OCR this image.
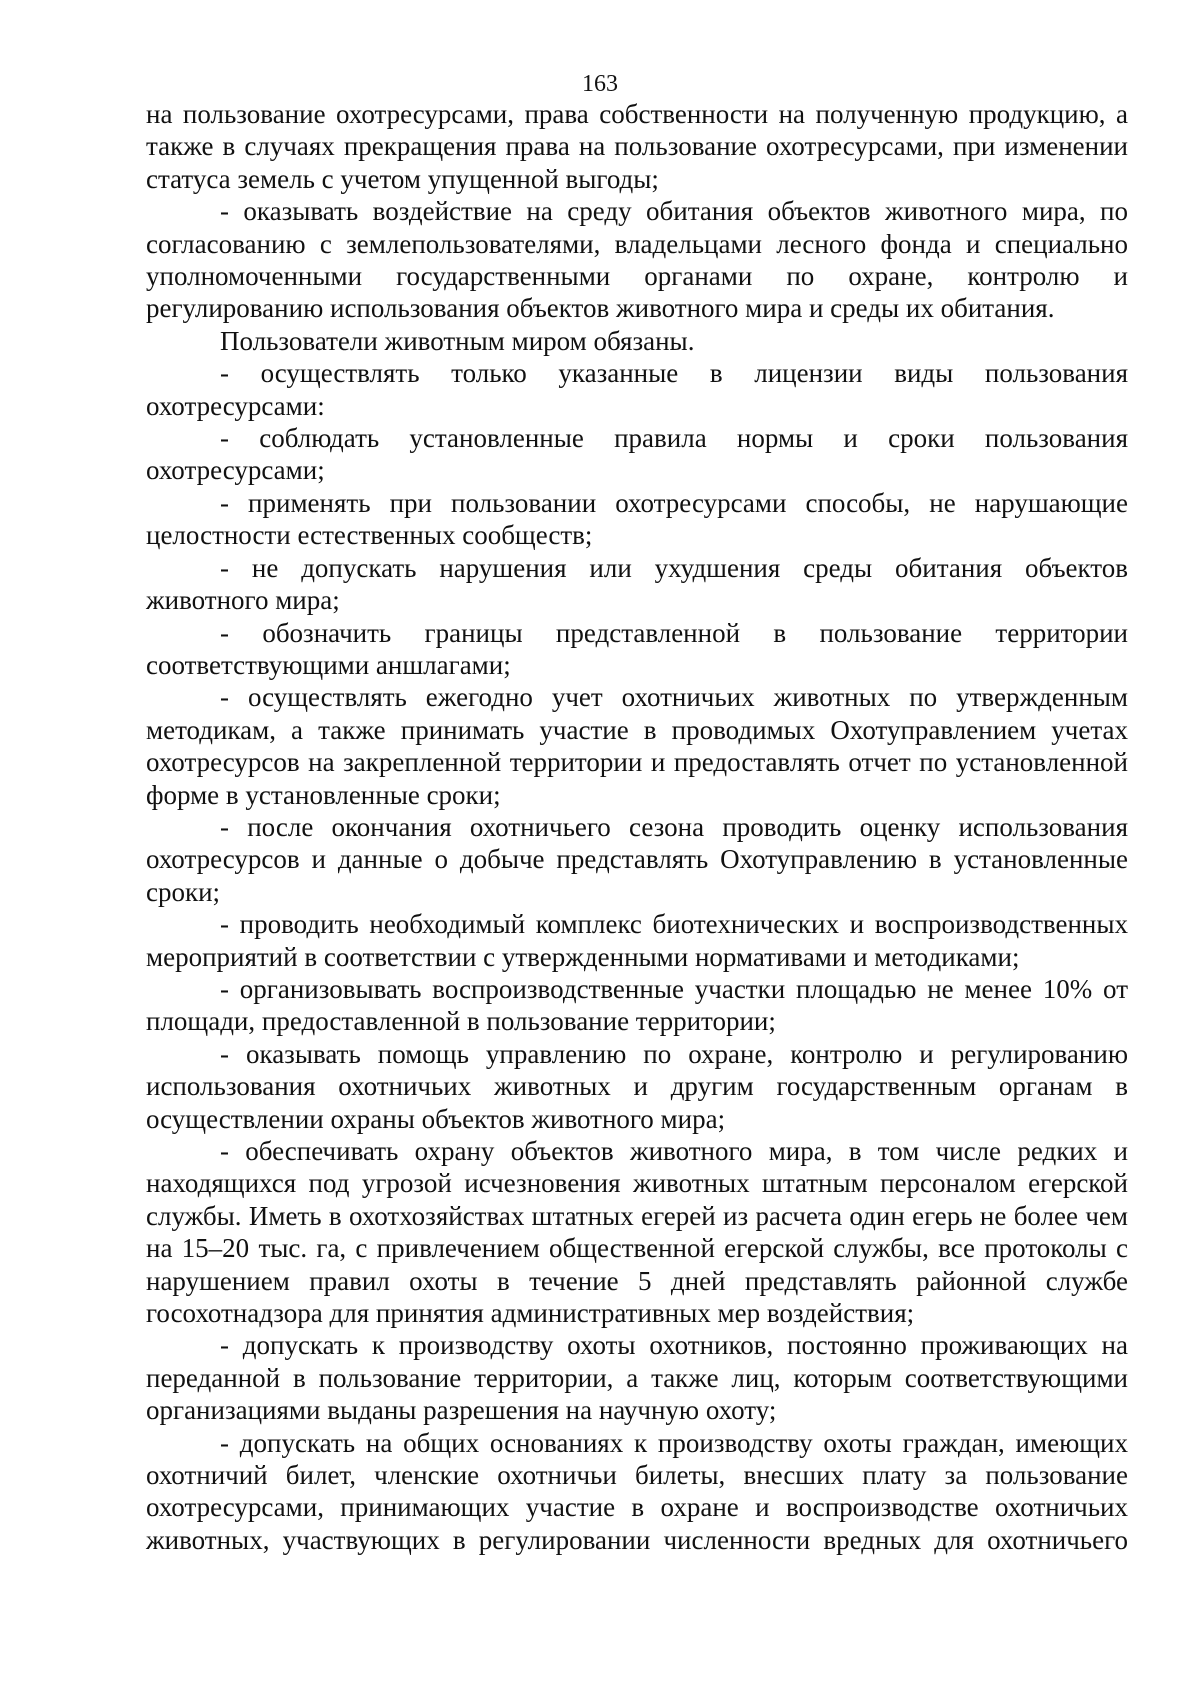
163

на пользование охотресурсами, права собственности на полученную продукцию, а также в случаях прекращения права на пользование охотресурсами, при изменении статуса земель с учетом упущенной выгоды;

- оказывать воздействие на среду обитания объектов животного мира, по согласованию с землепользователями, владельцами лесного фонда и специально уполномоченными государственными органами по охране, контролю и регулированию использования объектов животного мира и среды их обитания.

Пользователи животным миром обязаны.

- осуществлять только указанные в лицензии виды пользования охотресурсами:

- соблюдать установленные правила нормы и сроки пользования охотресурсами;

- применять при пользовании охотресурсами способы, не нарушающие целостности естественных сообществ;

- не допускать нарушения или ухудшения среды обитания объектов животного мира;

- обозначить границы представленной в пользование территории соответствующими аншлагами;

- осуществлять ежегодно учет охотничьих животных по утвержденным методикам, а также принимать участие в проводимых Охотуправлением учетах охотресурсов на закрепленной территории и предоставлять отчет по установленной форме в установленные сроки;

- после окончания охотничьего сезона проводить оценку использования охотресурсов и данные о добыче представлять Охотуправлению в установленные сроки;

- проводить необходимый комплекс биотехнических и воспроизводственных мероприятий в соответствии с утвержденными нормативами и методиками;

- организовывать воспроизводственные участки площадью не менее 10% от площади, предоставленной в пользование территории;

- оказывать помощь управлению по охране, контролю и регулированию использования охотничьих животных и другим государственным органам в осуществлении охраны объектов животного мира;

- обеспечивать охрану объектов животного мира, в том числе редких и находящихся под угрозой исчезновения животных штатным персоналом егерской службы. Иметь в охотхозяйствах штатных егерей из расчета один егерь не более чем на 15–20 тыс. га, с привлечением общественной егерской службы, все протоколы с нарушением правил охоты в течение 5 дней представлять районной службе госохотнадзора для принятия административных мер воздействия;

- допускать к производству охоты охотников, постоянно проживающих на переданной в пользование территории, а также лиц, которым соответствующими организациями выданы разрешения на научную охоту;

- допускать на общих основаниях к производству охоты граждан, имеющих охотничий билет, членские охотничьи билеты, внесших плату за пользование охотресурсами, принимающих участие в охране и воспроизводстве охотничьих животных, участвующих в регулировании численности вредных для охотничьего
